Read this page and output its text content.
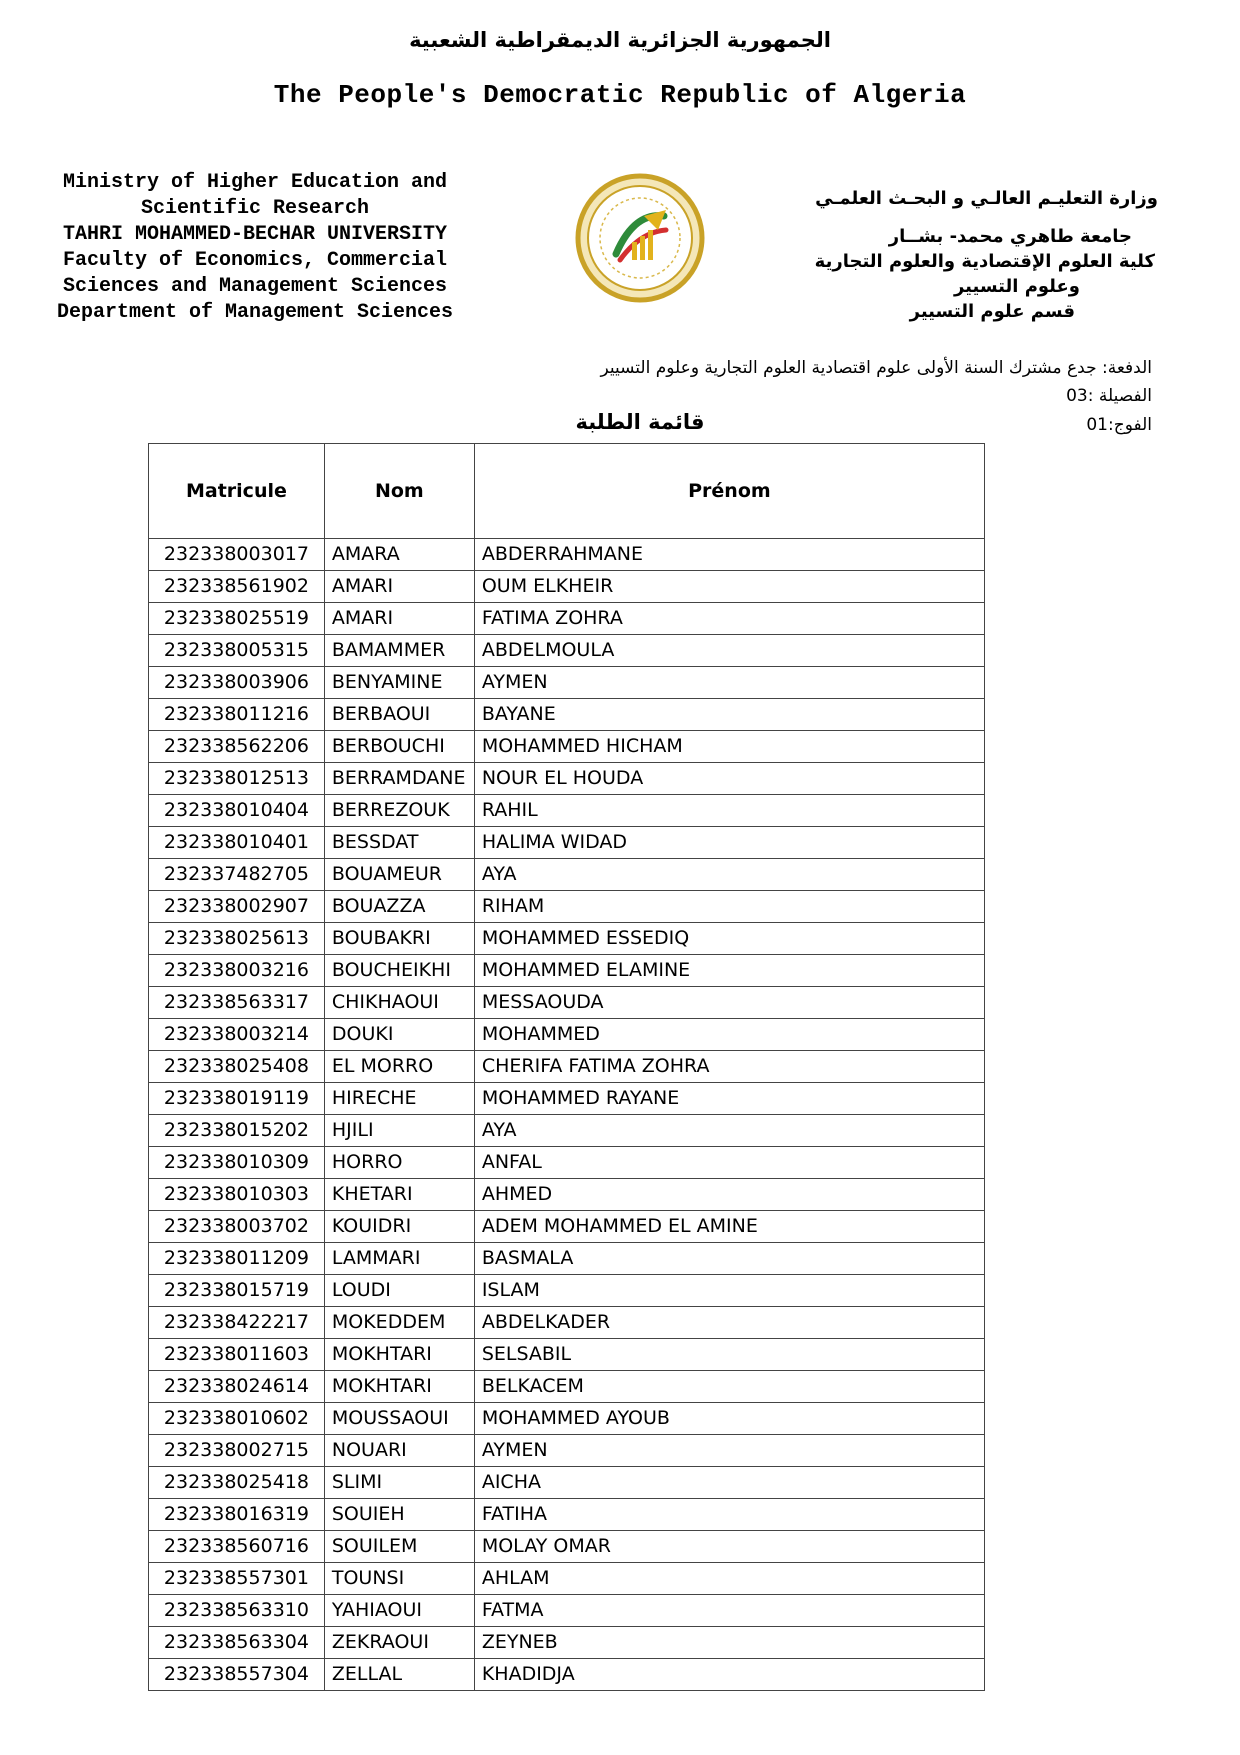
الجمهورية الجزائرية الديمقراطية الشعبية
The People's Democratic Republic of Algeria
Ministry of Higher Education and
Scientific Research
TAHRI MOHAMMED-BECHAR UNIVERSITY
Faculty of Economics, Commercial
Sciences and Management Sciences
Department of Management Sciences
وزارة التعليـم العالـي و البحـث العلمـي
جامعة طاهري محمد- بشــار
كلية العلوم الإقتصادية والعلوم التجارية
وعلوم التسيير
قسم علوم التسيير
الدفعة: جدع مشترك السنة الأولى علوم اقتصادية العلوم التجارية وعلوم التسيير
الفصيلة :03
الفوج:01
قائمة الطلبة
Matricule	Nom	Prénom
232338003017	AMARA	ABDERRAHMANE
232338561902	AMARI	OUM ELKHEIR
232338025519	AMARI	FATIMA ZOHRA
232338005315	BAMAMMER	ABDELMOULA
232338003906	BENYAMINE	AYMEN
232338011216	BERBAOUI	BAYANE
232338562206	BERBOUCHI	MOHAMMED HICHAM
232338012513	BERRAMDANE	NOUR EL HOUDA
232338010404	BERREZOUK	RAHIL
232338010401	BESSDAT	HALIMA WIDAD
232337482705	BOUAMEUR	AYA
232338002907	BOUAZZA	RIHAM
232338025613	BOUBAKRI	MOHAMMED ESSEDIQ
232338003216	BOUCHEIKHI	MOHAMMED ELAMINE
232338563317	CHIKHAOUI	MESSAOUDA
232338003214	DOUKI	MOHAMMED
232338025408	EL MORRO	CHERIFA FATIMA ZOHRA
232338019119	HIRECHE	MOHAMMED RAYANE
232338015202	HJILI	AYA
232338010309	HORRO	ANFAL
232338010303	KHETARI	AHMED
232338003702	KOUIDRI	ADEM MOHAMMED EL AMINE
232338011209	LAMMARI	BASMALA
232338015719	LOUDI	ISLAM
232338422217	MOKEDDEM	ABDELKADER
232338011603	MOKHTARI	SELSABIL
232338024614	MOKHTARI	BELKACEM
232338010602	MOUSSAOUI	MOHAMMED AYOUB
232338002715	NOUARI	AYMEN
232338025418	SLIMI	AICHA
232338016319	SOUIEH	FATIHA
232338560716	SOUILEM	MOLAY OMAR
232338557301	TOUNSI	AHLAM
232338563310	YAHIAOUI	FATMA
232338563304	ZEKRAOUI	ZEYNEB
232338557304	ZELLAL	KHADIDJA
